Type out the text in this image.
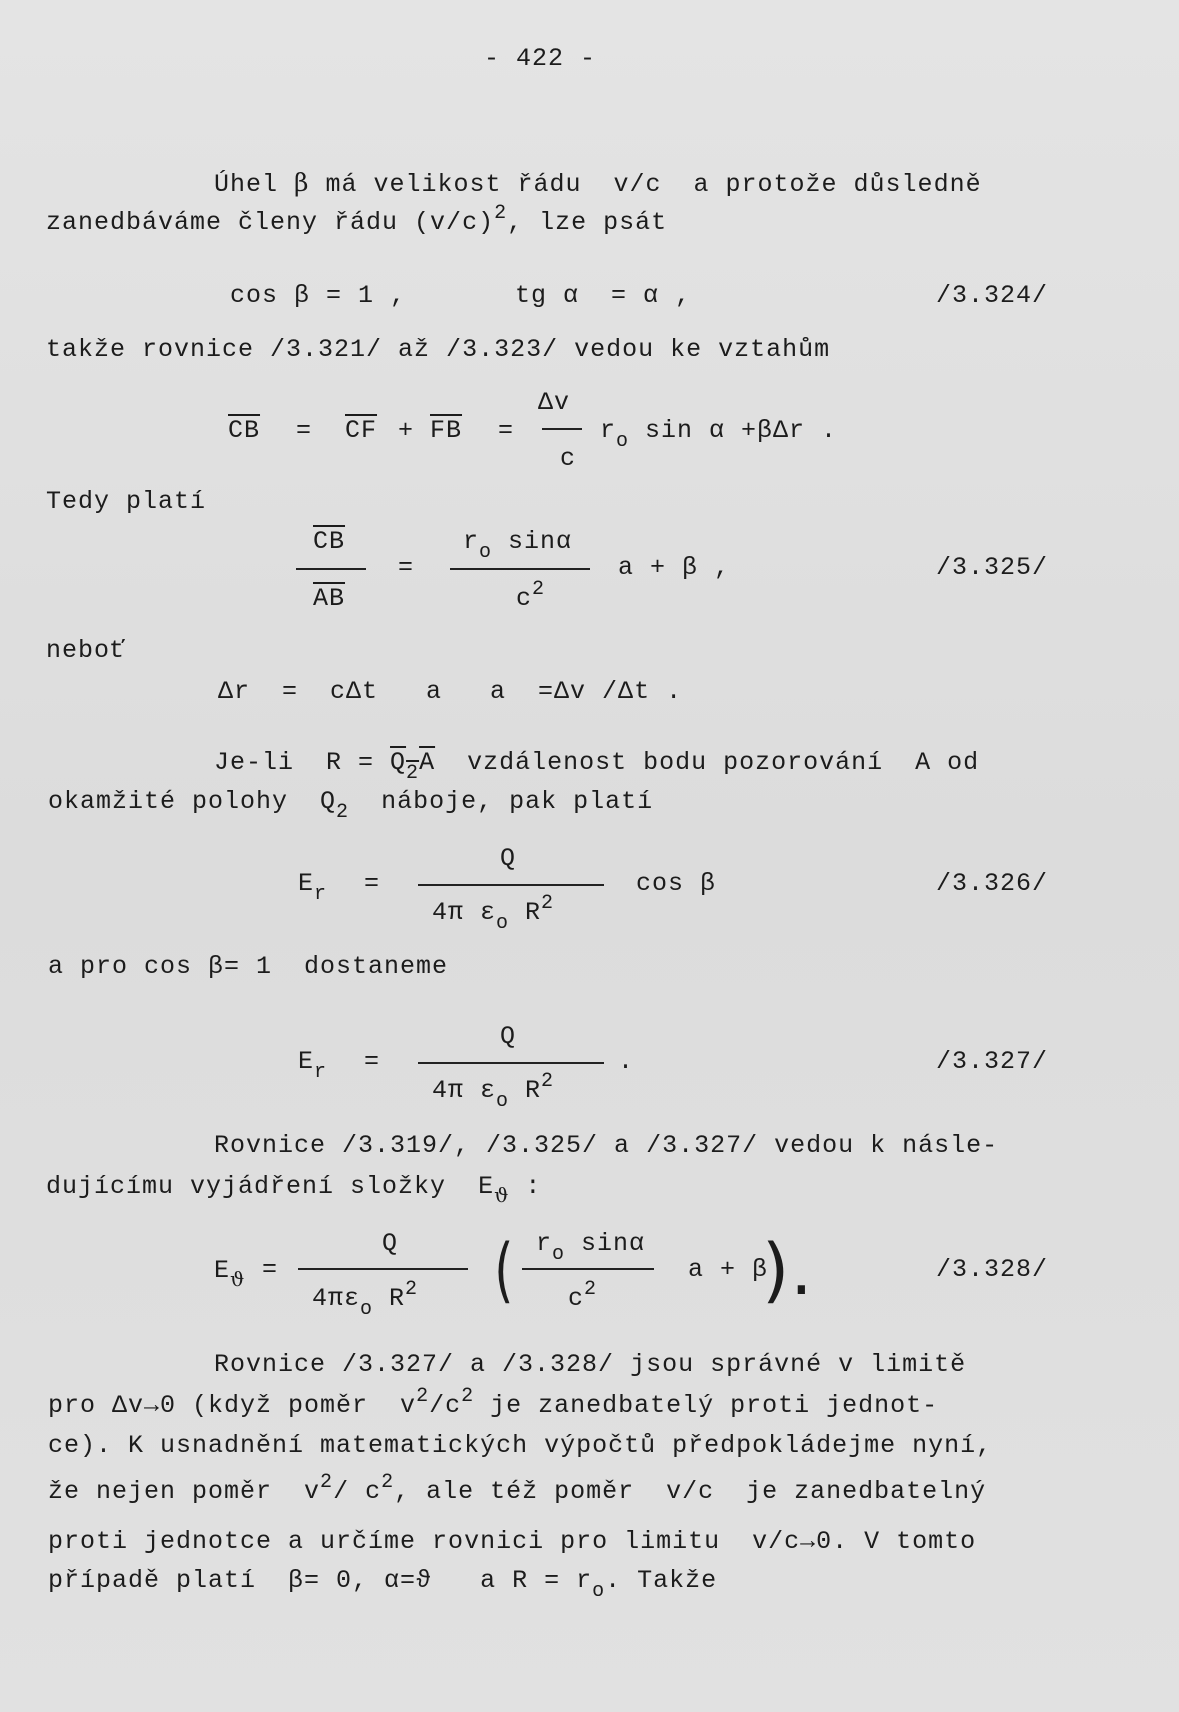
- 422 -
Úhel β má velikost řádu  v/c  a protože důsledně
zanedbáváme členy řádu $(v/c)^2$, lze psát
cos β = 1 ,	tg α  = α ,	/3.324/
takže rovnice /3.321/ až /3.323/ vedou ke vztahům
$\overline{CB} = \overline{CF} + \overline{FB}$ =
Δv
c
$r_o$ sin α +βΔr .
Tedy platí
$\overline{CB}$
$\overline{AB}$
=
$r_o$ sinα
$c^2$
a + β ,	/3.325/
neboť
Δr  =  cΔt   a   a  =Δv /Δt .
Je-li  $R = Q_2A$  vzdálenost bodu pozorování  A od
okamžité polohy  $Q_2$  náboje, pak platí
$E_r$ =
Q
4π $\varepsilon_o$ $R^2$
cos β	/3.326/
a pro cos β= 1  dostaneme
$E_r$ =
Q
4π $\varepsilon_o$ $R^2$
.	/3.327/
Rovnice /3.319/, /3.325/ a /3.327/ vedou k násle-
dujícímu vyjádření složky  $E_ϑ$ :
$E_ϑ$ =
Q
$4\pi\varepsilon_o$ $R^2$ ( $r_o$ sinα
$c^2$
a + β
).	/3.328/
Rovnice /3.327/ a /3.328/ jsou správné v limitě
pro Δv→0 (když poměr  $v^2/c^2$ je zanedbatelý proti jednot-
ce). K usnadnění matematických výpočtů předpokládejme nyní,
že nejen poměr  $v^2/$ $c^2$, ale též poměr  v/c  je zanedbatelný
proti jednotce a určíme rovnici pro limitu  v/c→0. V tomto
případě platí  β= 0, α=ϑ   a $R = r_o$. Takže
